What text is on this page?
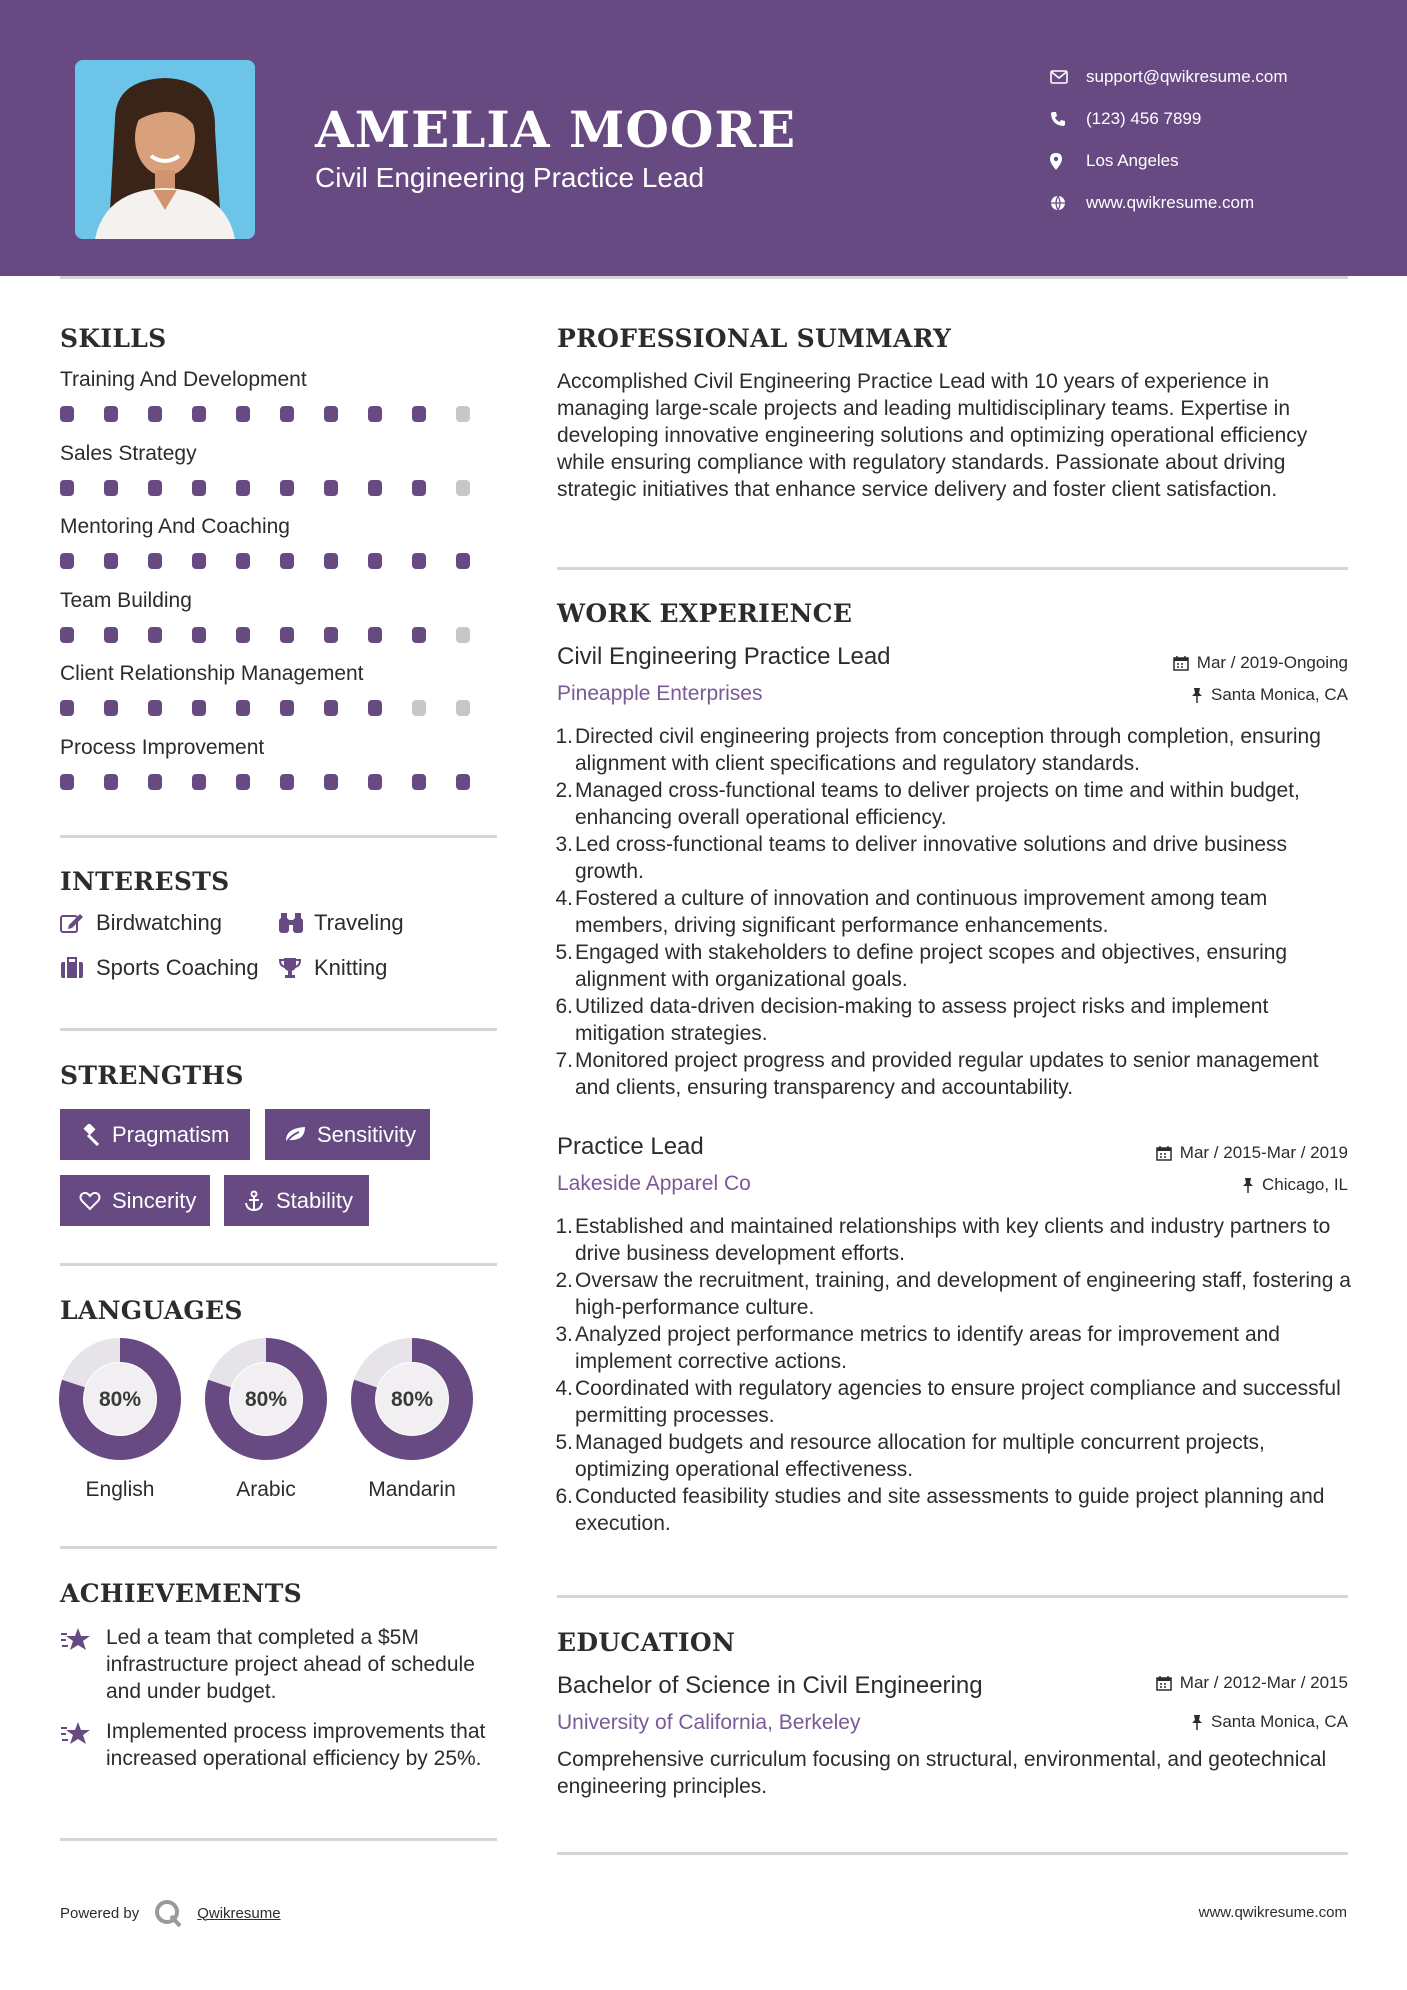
AMELIA MOORE
Civil Engineering Practice Lead
support@qwikresume.com
(123) 456 7899
Los Angeles
www.qwikresume.com
SKILLS
Training And Development
Sales Strategy
Mentoring And Coaching
Team Building
Client Relationship Management
Process Improvement
INTERESTS
Birdwatching	Traveling
Sports Coaching	Knitting
STRENGTHS
Pragmatism	Sensitivity
Sincerity	Stability
LANGUAGES
80%
English
80%
Arabic
80%
Mandarin
ACHIEVEMENTS
Led a team that completed a $5M infrastructure project ahead of schedule and under budget.
Implemented process improvements that increased operational efficiency by 25%.
PROFESSIONAL SUMMARY
Accomplished Civil Engineering Practice Lead with 10 years of experience in managing large-scale projects and leading multidisciplinary teams. Expertise in developing innovative engineering solutions and optimizing operational efficiency while ensuring compliance with regulatory standards. Passionate about driving strategic initiatives that enhance service delivery and foster client satisfaction.
WORK EXPERIENCE
Civil Engineering Practice Lead	Mar / 2019-Ongoing
Pineapple Enterprises	Santa Monica, CA
1. Directed civil engineering projects from conception through completion, ensuring alignment with client specifications and regulatory standards.
2. Managed cross-functional teams to deliver projects on time and within budget, enhancing overall operational efficiency.
3. Led cross-functional teams to deliver innovative solutions and drive business growth.
4. Fostered a culture of innovation and continuous improvement among team members, driving significant performance enhancements.
5. Engaged with stakeholders to define project scopes and objectives, ensuring alignment with organizational goals.
6. Utilized data-driven decision-making to assess project risks and implement mitigation strategies.
7. Monitored project progress and provided regular updates to senior management and clients, ensuring transparency and accountability.
Practice Lead	Mar / 2015-Mar / 2019
Lakeside Apparel Co	Chicago, IL
1. Established and maintained relationships with key clients and industry partners to drive business development efforts.
2. Oversaw the recruitment, training, and development of engineering staff, fostering a high-performance culture.
3. Analyzed project performance metrics to identify areas for improvement and implement corrective actions.
4. Coordinated with regulatory agencies to ensure project compliance and successful permitting processes.
5. Managed budgets and resource allocation for multiple concurrent projects, optimizing operational effectiveness.
6. Conducted feasibility studies and site assessments to guide project planning and execution.
EDUCATION
Bachelor of Science in Civil Engineering	Mar / 2012-Mar / 2015
University of California, Berkeley	Santa Monica, CA
Comprehensive curriculum focusing on structural, environmental, and geotechnical engineering principles.
Powered by	Qwikresume	www.qwikresume.com
